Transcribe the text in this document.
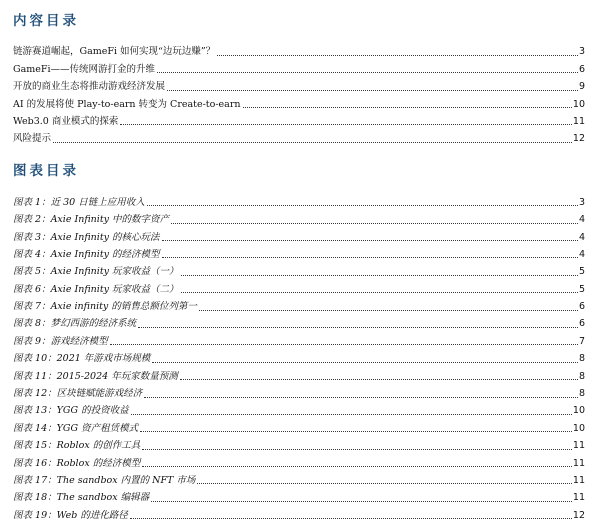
内容目录
链游赛道崛起，GameFi 如何实现“边玩边赚”？	3
GameFi——传统网游打金的升维	6
开放的商业生态将推动游戏经济发展	9
AI 的发展将使 Play-to-earn 转变为 Create-to-earn	10
Web3.0 商业模式的探索	11
风险提示	12
图表目录
图表 1：近 30 日链上应用收入	3
图表 2：Axie Infinity 中的数字资产	4
图表 3：Axie Infinity 的核心玩法	4
图表 4：Axie Infinity 的经济模型	4
图表 5：Axie Infinity 玩家收益（一）	5
图表 6：Axie Infinity 玩家收益（二）	5
图表 7：Axie infinity 的销售总额位列第一	6
图表 8：梦幻西游的经济系统	6
图表 9：游戏经济模型	7
图表 10：2021 年游戏市场规模	8
图表 11：2015-2024 年玩家数量预测	8
图表 12：区块链赋能游戏经济	8
图表 13：YGG 的投资收益	10
图表 14：YGG 资产租赁模式	10
图表 15：Roblox 的创作工具	11
图表 16：Roblox 的经济模型	11
图表 17：The sandbox 内置的 NFT 市场	11
图表 18：The sandbox 编辑器	11
图表 19：Web 的进化路径	12
